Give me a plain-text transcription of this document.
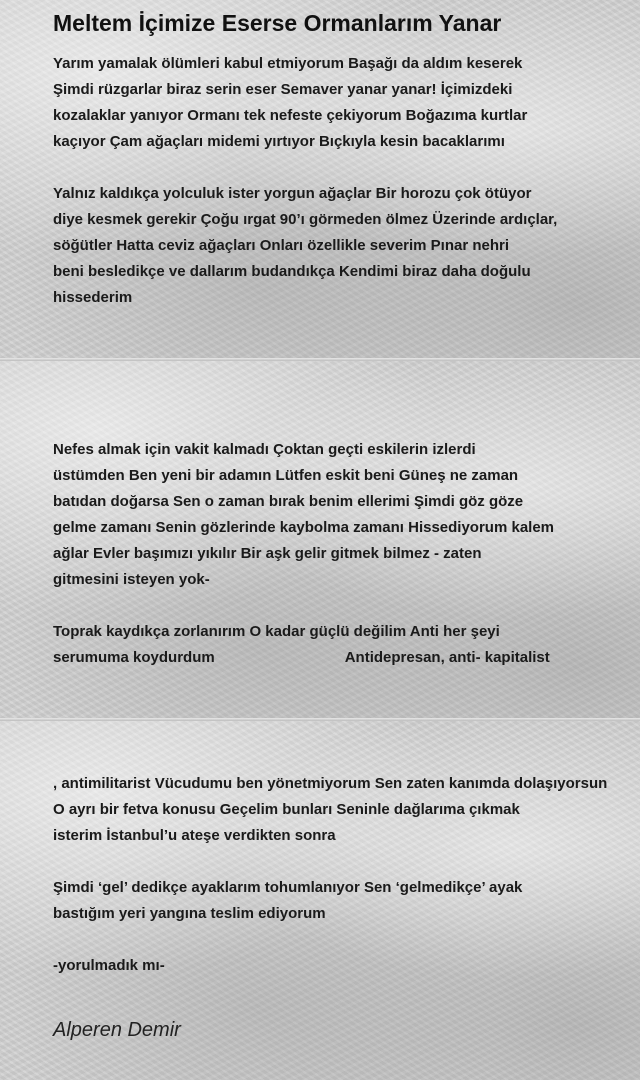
Meltem İçimize Eserse Ormanlarım Yanar

Yarım yamalak ölümleri kabul etmiyorum Başağı da aldım keserek
Şimdi rüzgarlar biraz serin eser Semaver yanar yanar! İçimizdeki
kozalaklar yanıyor Ormanı tek nefeste çekiyorum Boğazıma kurtlar
kaçıyor Çam ağaçları midemi yırtıyor Bıçkıyla kesin bacaklarımı

Yalnız kaldıkça yolculuk ister yorgun ağaçlar Bir horozu çok ötüyor
diye kesmek gerekir Çoğu ırgat 90’ı görmeden ölmez Üzerinde ardıçlar,
söğütler Hatta ceviz ağaçları Onları özellikle severim Pınar nehri
beni besledikçe ve dallarım budandıkça Kendimi biraz daha doğulu
hissederim

Nefes almak için vakit kalmadı Çoktan geçti eskilerin izlerdi
üstümden Ben yeni bir adamın Lütfen eskit beni Güneş ne zaman
batıdan doğarsa Sen o zaman bırak benim ellerimi Şimdi göz göze
gelme zamanı Senin gözlerinde kaybolma zamanı Hissediyorum kalem
ağlar Evler başımızı yıkılır Bir aşk gelir gitmek bilmez - zaten
gitmesini isteyen yok-

Toprak kaydıkça zorlanırım O kadar güçlü değilim Anti her şeyi
serumuma koydurdum	Antidepresan, anti- kapitalist

, antimilitarist Vücudumu ben yönetmiyorum Sen zaten kanımda dolaşıyorsun
O ayrı bir fetva konusu Geçelim bunları Seninle dağlarıma çıkmak
isterim İstanbul’u ateşe verdikten sonra

Şimdi ‘gel’ dedikçe ayaklarım tohumlanıyor Sen ‘gelmedikçe’ ayak
bastığım yeri yangına teslim ediyorum

-yorulmadık mı-

Alperen Demir
